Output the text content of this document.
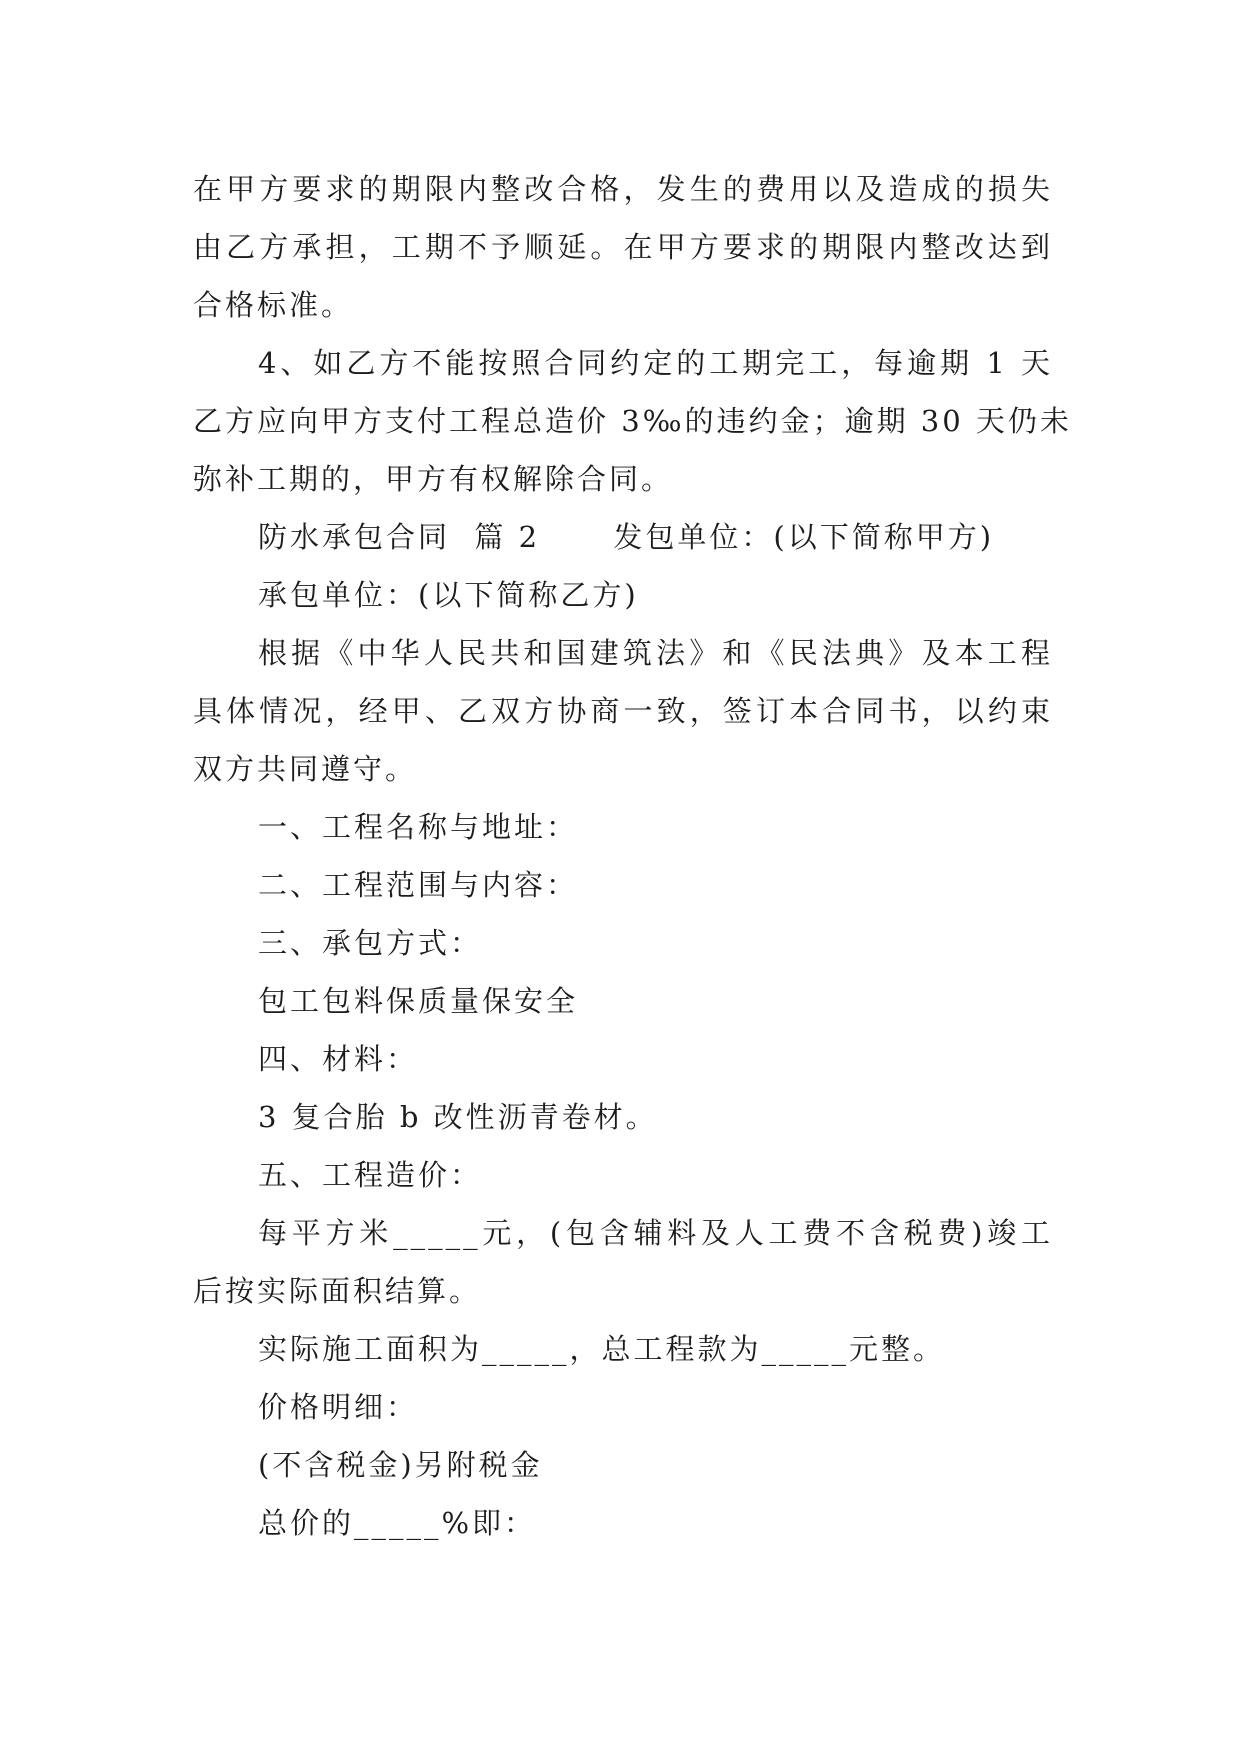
在甲方要求的期限内整改合格，发生的费用以及造成的损失
由乙方承担，工期不予顺延。在甲方要求的期限内整改达到
合格标准。
4、如乙方不能按照合同约定的工期完工，每逾期 1 天
乙方应向甲方支付工程总造价 3‰的违约金；逾期 30 天仍未
弥补工期的，甲方有权解除合同。
防水承包合同  篇 2      发包单位：(以下简称甲方)
承包单位：(以下简称乙方)
根据《中华人民共和国建筑法》和《民法典》及本工程
具体情况，经甲、乙双方协商一致，签订本合同书，以约束
双方共同遵守。
一、工程名称与地址：
二、工程范围与内容：
三、承包方式：
包工包料保质量保安全
四、材料：
3 复合胎 b 改性沥青卷材。
五、工程造价：
每平方米_____元，(包含辅料及人工费不含税费)竣工
后按实际面积结算。
实际施工面积为_____，总工程款为_____元整。
价格明细：
(不含税金)另附税金
总价的_____%即：
